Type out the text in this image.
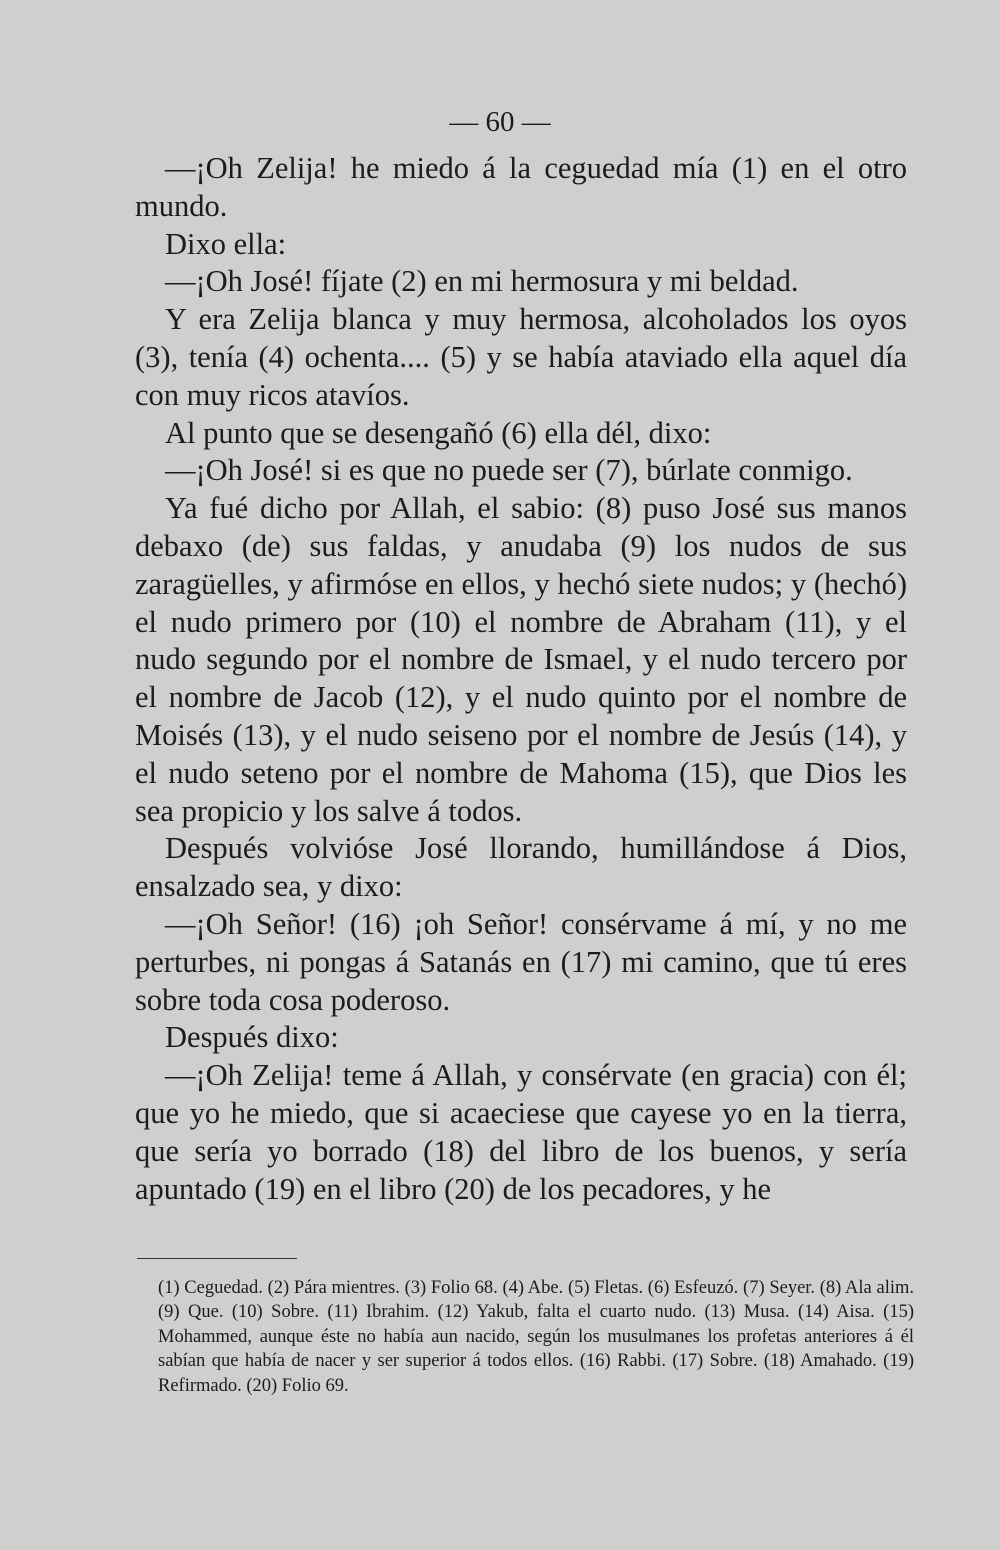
— 60 —

—¡Oh Zelija! he miedo á la ceguedad mía (1) en el otro mundo.

Dixo ella:

—¡Oh José! fíjate (2) en mi hermosura y mi beldad.

Y era Zelija blanca y muy hermosa, alcoholados los oyos (3), tenía (4) ochenta.... (5) y se había ataviado ella aquel día con muy ricos atavíos.

Al punto que se desengañó (6) ella dél, dixo:

—¡Oh José! si es que no puede ser (7), búrlate conmigo.

Ya fué dicho por Allah, el sabio: (8) puso José sus manos debaxo (de) sus faldas, y anudaba (9) los nudos de sus zaragüelles, y afirmóse en ellos, y hechó siete nudos; y (hechó) el nudo primero por (10) el nombre de Abraham (11), y el nudo segundo por el nombre de Ismael, y el nudo tercero por el nombre de Jacob (12), y el nudo quinto por el nombre de Moisés (13), y el nudo seiseno por el nombre de Jesús (14), y el nudo seteno por el nombre de Mahoma (15), que Dios les sea propicio y los salve á todos.

Después volvióse José llorando, humillándose á Dios, ensalzado sea, y dixo:

—¡Oh Señor! (16) ¡oh Señor! consérvame á mí, y no me perturbes, ni pongas á Satanás en (17) mi camino, que tú eres sobre toda cosa poderoso.

Después dixo:

—¡Oh Zelija! teme á Allah, y consérvate (en gracia) con él; que yo he miedo, que si acaeciese que cayese yo en la tierra, que sería yo borrado (18) del libro de los buenos, y sería apuntado (19) en el libro (20) de los pecadores, y he

(1) Ceguedad. (2) Pára mientres. (3) Folio 68. (4) Abe. (5) Fletas. (6) Esfeuzó. (7) Seyer. (8) Ala alim. (9) Que. (10) Sobre. (11) Ibrahim. (12) Yakub, falta el cuarto nudo. (13) Musa. (14) Aisa. (15) Mohammed, aunque éste no había aun nacido, según los musulmanes los profetas anteriores á él sabían que había de nacer y ser superior á todos ellos. (16) Rabbi. (17) Sobre. (18) Amahado. (19) Refirmado. (20) Folio 69.
